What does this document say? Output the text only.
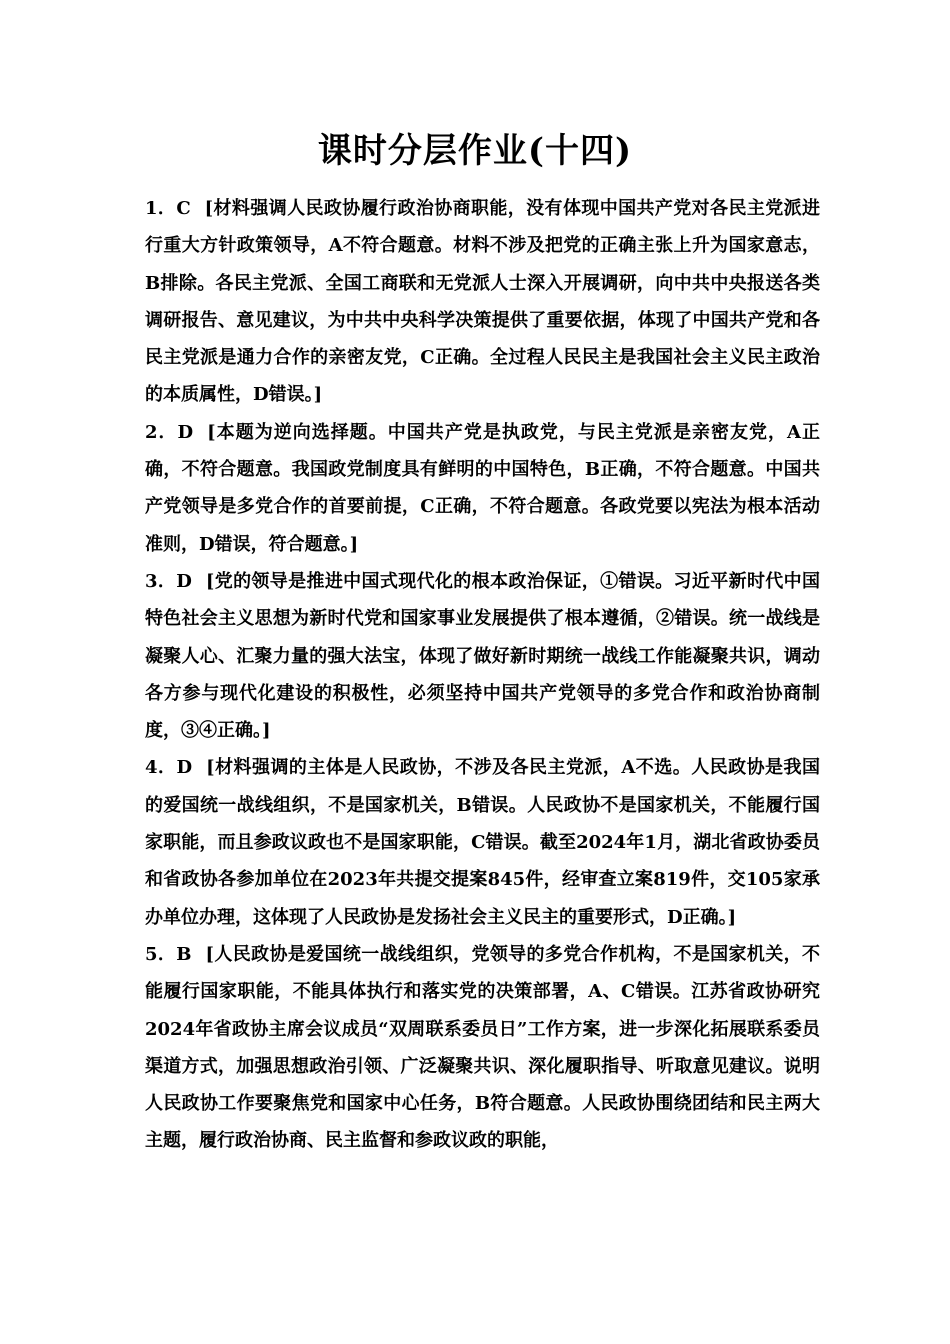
课时分层作业(十四)

1．C [材料强调人民政协履行政治协商职能，没有体现中国共产党对各民主党派进行重大方针政策领导，A不符合题意。材料不涉及把党的正确主张上升为国家意志，B排除。各民主党派、全国工商联和无党派人士深入开展调研，向中共中央报送各类调研报告、意见建议，为中共中央科学决策提供了重要依据，体现了中国共产党和各民主党派是通力合作的亲密友党，C正确。全过程人民民主是我国社会主义民主政治的本质属性，D错误。]

2．D [本题为逆向选择题。中国共产党是执政党，与民主党派是亲密友党，A正确，不符合题意。我国政党制度具有鲜明的中国特色，B正确，不符合题意。中国共产党领导是多党合作的首要前提，C正确，不符合题意。各政党要以宪法为根本活动准则，D错误，符合题意。]

3．D [党的领导是推进中国式现代化的根本政治保证，①错误。习近平新时代中国特色社会主义思想为新时代党和国家事业发展提供了根本遵循，②错误。统一战线是凝聚人心、汇聚力量的强大法宝，体现了做好新时期统一战线工作能凝聚共识，调动各方参与现代化建设的积极性，必须坚持中国共产党领导的多党合作和政治协商制度，③④正确。]

4．D [材料强调的主体是人民政协，不涉及各民主党派，A不选。人民政协是我国的爱国统一战线组织，不是国家机关，B错误。人民政协不是国家机关，不能履行国家职能，而且参政议政也不是国家职能，C错误。截至2024年1月，湖北省政协委员和省政协各参加单位在2023年共提交提案845件，经审查立案819件，交105家承办单位办理，这体现了人民政协是发扬社会主义民主的重要形式，D正确。]

5．B [人民政协是爱国统一战线组织，党领导的多党合作机构，不是国家机关，不能履行国家职能，不能具体执行和落实党的决策部署，A、C错误。江苏省政协研究2024年省政协主席会议成员“双周联系委员日”工作方案，进一步深化拓展联系委员渠道方式，加强思想政治引领、广泛凝聚共识、深化履职指导、听取意见建议。说明人民政协工作要聚焦党和国家中心任务，B符合题意。人民政协围绕团结和民主两大主题，履行政治协商、民主监督和参政议政的职能，
